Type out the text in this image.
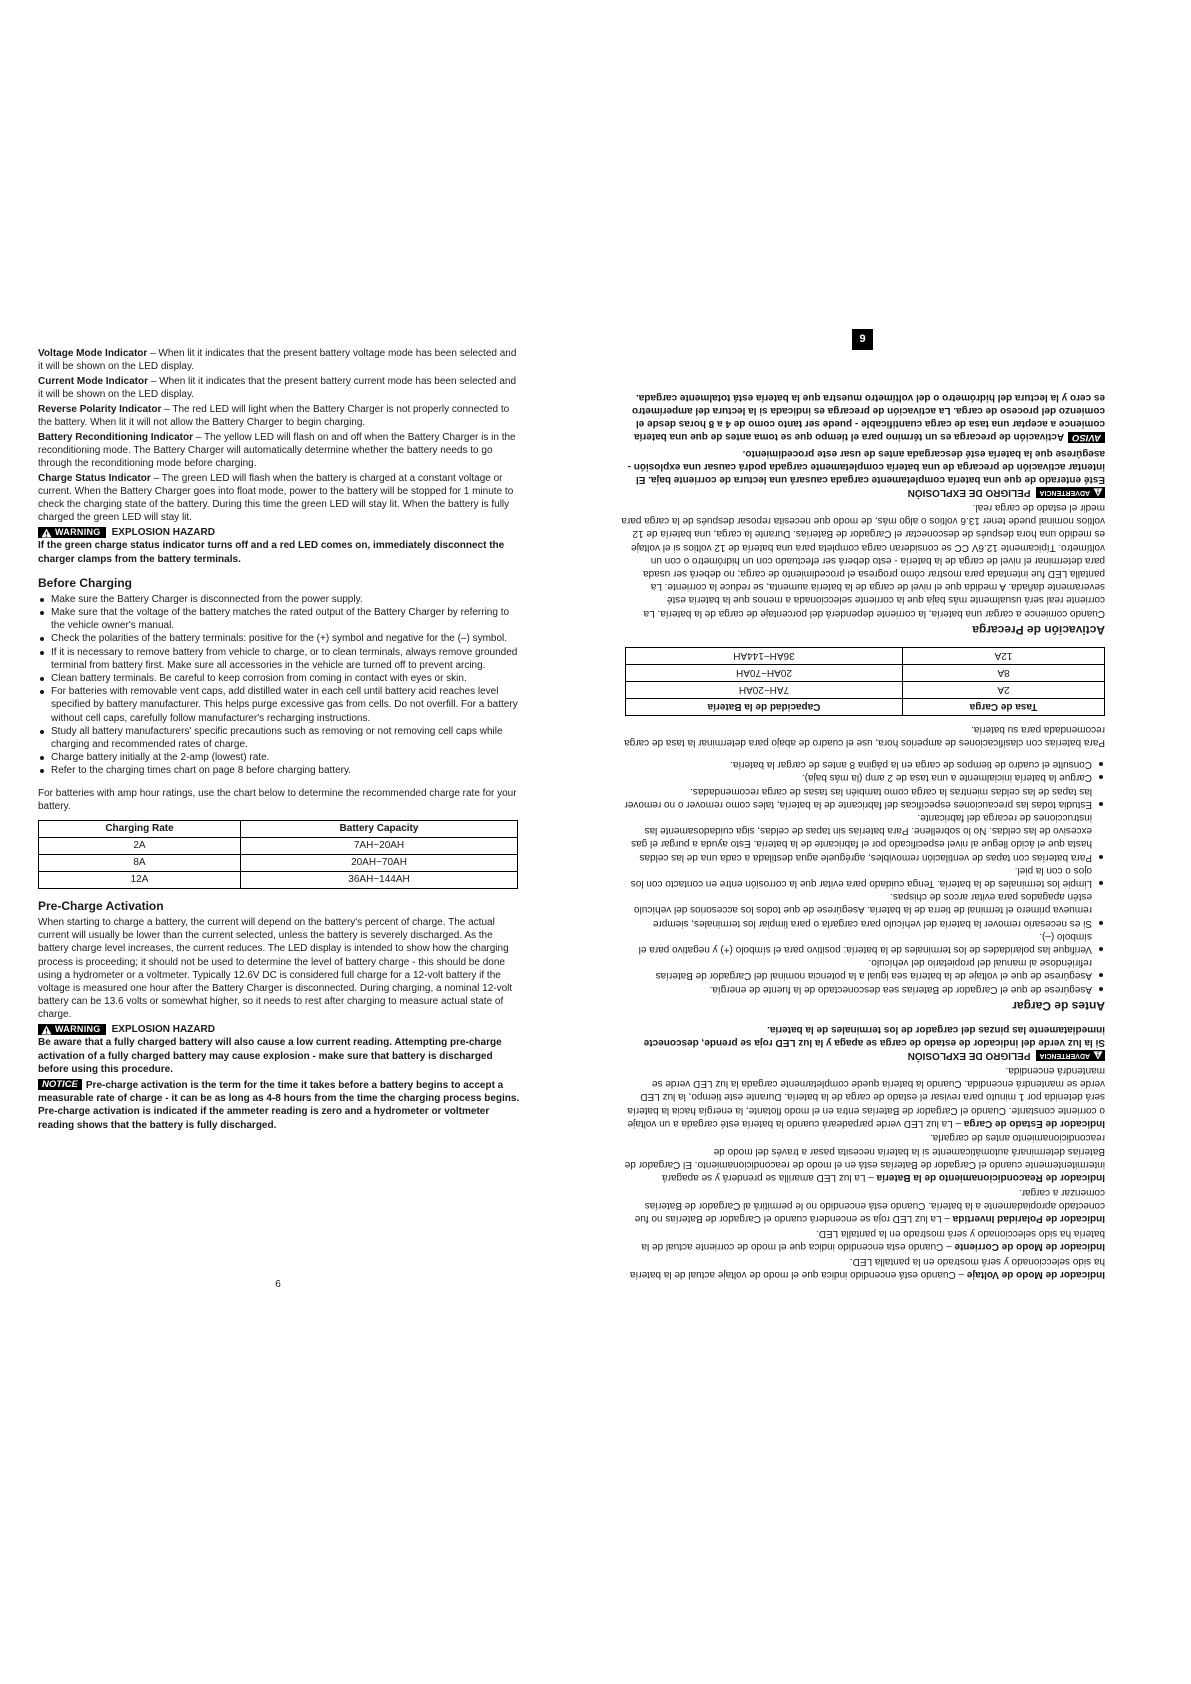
Voltage Mode Indicator – When lit it indicates that the present battery voltage mode has been selected and it will be shown on the LED display.

Current Mode Indicator – When lit it indicates that the present battery current mode has been selected and it will be shown on the LED display.

Reverse Polarity Indicator – The red LED will light when the Battery Charger is not properly connected to the battery. When lit it will not allow the Battery Charger to begin charging.

Battery Reconditioning Indicator – The yellow LED will flash on and off when the Battery Charger is in the reconditioning mode. The Battery Charger will automatically determine whether the battery needs to go through the reconditioning mode before charging.

Charge Status Indicator – The green LED will flash when the battery is charged at a constant voltage or current. When the Battery Charger goes into float mode, power to the battery will be stopped for 1 minute to check the charging state of the battery. During this time the green LED will stay lit. When the battery is fully charged the green LED will stay lit.

WARNING EXPLOSION HAZARD

If the green charge status indicator turns off and a red LED comes on, immediately disconnect the charger clamps from the battery terminals.

Before Charging
Make sure the Battery Charger is disconnected from the power supply.
Make sure that the voltage of the battery matches the rated output of the Battery Charger by referring to the vehicle owner's manual.
Check the polarities of the battery terminals: positive for the (+) symbol and negative for the (–) symbol.
If it is necessary to remove battery from vehicle to charge, or to clean terminals, always remove grounded terminal from battery first. Make sure all accessories in the vehicle are turned off to prevent arcing.
Clean battery terminals. Be careful to keep corrosion from coming in contact with eyes or skin.
For batteries with removable vent caps, add distilled water in each cell until battery acid reaches level specified by battery manufacturer. This helps purge excessive gas from cells. Do not overfill. For a battery without cell caps, carefully follow manufacturer's recharging instructions.
Study all battery manufacturers' specific precautions such as removing or not removing cell caps while charging and recommended rates of charge.
Charge battery initially at the 2-amp (lowest) rate.
Refer to the charging times chart on page 8 before charging battery.

For batteries with amp hour ratings, use the chart below to determine the recommended charge rate for your battery.

Charging Rate	Battery Capacity
2A	7AH~20AH
8A	20AH~70AH
12A	36AH~144AH
Pre-Charge Activation

When starting to charge a battery, the current will depend on the battery's percent of charge. The actual current will usually be lower than the current selected, unless the battery is severely discharged. As the battery charge level increases, the current reduces. The LED display is intended to show how the charging process is proceeding; it should not be used to determine the level of battery charge - this should be done using a hydrometer or a voltmeter. Typically 12.6V DC is considered full charge for a 12-volt battery if the voltage is measured one hour after the Battery Charger is disconnected. During charging, a nominal 12-volt battery can be 13.6 volts or somewhat higher, so it needs to rest after charging to measure actual state of charge.

WARNING EXPLOSION HAZARD

Be aware that a fully charged battery will also cause a low current reading. Attempting pre-charge activation of a fully charged battery may cause explosion - make sure that battery is discharged before using this procedure.

NOTICE Pre-charge activation is the term for the time it takes before a battery begins to accept a measurable rate of charge - it can be as long as 4-8 hours from the time the charging process begins. Pre-charge activation is indicated if the ammeter reading is zero and a hydrometer or voltmeter reading shows that the battery is fully discharged.

6
9

Indicador de Modo de Voltaje – Cuando está encendido indica que el modo de voltaje actual de la batería ha sido seleccionado y será mostrado en la pantalla LED.

Indicador de Modo de Corriente – Cuando esta encendido indica que el modo de corriente actual de la batería ha sido seleccionado y será mostrado en la pantalla LED.

Indicador de Polaridad Invertida – La luz LED roja se encenderá cuando el Cargador de Baterías no fue conectado apropiadamente a la batería. Cuando está encendido no le permitirá al Cargador de Baterías comenzar a cargar.

Indicador de Reacondicionamiento de la Batería – La luz LED amarilla se prenderá y se apagará intermitentemente cuando el Cargador de Baterías está en el modo de reacondicionamiento. El Cargador de Baterías determinará automáticamente si la batería necesita pasar a través del modo de reacondicionamiento antes de cargarla.

Indicador de Estado de Carga – La luz LED verde parpadeará cuando la batería esté cargada a un voltaje o corriente constante. Cuando el Cargador de Baterías entra en el modo flotante, la energía hacia la batería será detenida por 1 minuto para revisar el estado de carga de la batería. Durante este tiempo, la luz LED verde se mantendrá encendida. Cuando la batería quede completamente cargada la luz LED verde se mantendrá encendida.

ADVERTENCIA
PELIGRO DE EXPLOSIÓN

Si la luz verde del indicador de estado de carga se apaga y la luz LED roja se prende, desconecte inmediatamente las pinzas del cargador de los terminales de la batería.

Antes de Cargar
Asegúrese de que el Cargador de Baterías sea desconectado de la fuente de energía.
Asegúrese de que el voltaje de la batería sea igual a la potencia nominal del Cargador de Baterías refiriéndose al manual del propietario del vehículo.
Verifique las polaridades de los terminales de la batería: positivo para el símbolo (+) y negativo para el símbolo (–).
Si es necesario remover la batería del vehículo para cargarla o para limpiar los terminales, siempre remueva primero el terminal de tierra de la batería. Asegúrese de que todos los accesorios del vehículo estén apagados para evitar arcos de chispas.
Limpie los terminales de la batería. Tenga cuidado para evitar que la corrosión entre en contacto con los ojos o con la piel.
Para baterías con tapas de ventilación removibles, agréguele agua destilada a cada una de las celdas hasta que el ácido llegue al nivel especificado por el fabricante de la batería. Esto ayuda a purgar el gas excesivo de las celdas. No lo sobrellene. Para baterías sin tapas de celdas, siga cuidadosamente las instrucciones de recarga del fabricante.
Estudia todas las precauciones específicas del fabricante de la batería, tales como remover o no remover las tapas de las celdas mientras la carga como también las tasas de carga recomendadas.
Cargue la batería inicialmente a una tasa de 2 amp (la más baja).
Consulte el cuadro de tiempos de carga en la página 8 antes de cargar la batería.

Para baterías con clasificaciones de amperios hora, use el cuadro de abajo para determinar la tasa de carga recomendada para su batería.

Tasa de Carga	Capacidad de la Batería
2A	7AH~20AH
8A	20AH~70AH
12A	36AH~144AH
Activación de Precarga

Cuando comience a cargar una batería, la corriente dependerá del porcentaje de carga de la batería. La corriente real será usualmente más baja que la corriente seleccionada a menos que la batería esté severamente dañada. A medida que el nivel de carga de la batería aumenta, se reduce la corriente. La pantalla LED fue intentada para mostrar cómo progresa el procedimiento de carga; no deberá ser usada para determinar el nivel de carga de la batería - esto deberá ser efectuado con un hidrómetro o con un voltímetro. Típicamente 12.6V CC se consideran carga completa para una batería de 12 voltios si el voltaje es medido una hora después de desconectar el Cargador de Baterías. Durante la carga, una batería de 12 voltios nominal puede tener 13.6 voltios o algo más, de modo que necesita reposar después de la carga para medir el estado de carga real.

ADVERTENCIA
PELIGRO DE EXPLOSIÓN

Esté enterado de que una batería completamente cargada causará una lectura de corriente baja. El intentar activación de precarga de una batería completamente cargada podrá causar una explosión - asegúrese que la batería esté descargada antes de usar este procedimiento.

AVISOActivación de precarga es un término para el tiempo que se toma antes de que una batería comience a aceptar una tasa de carga cuantificable - puede ser tanto como de 4 a 8 horas desde el comienzo del proceso de carga. La activación de precarga es indicada si la lectura del amperímetro es cero y la lectura del hidrómetro o del voltímetro muestra que la batería está totalmente cargada.
